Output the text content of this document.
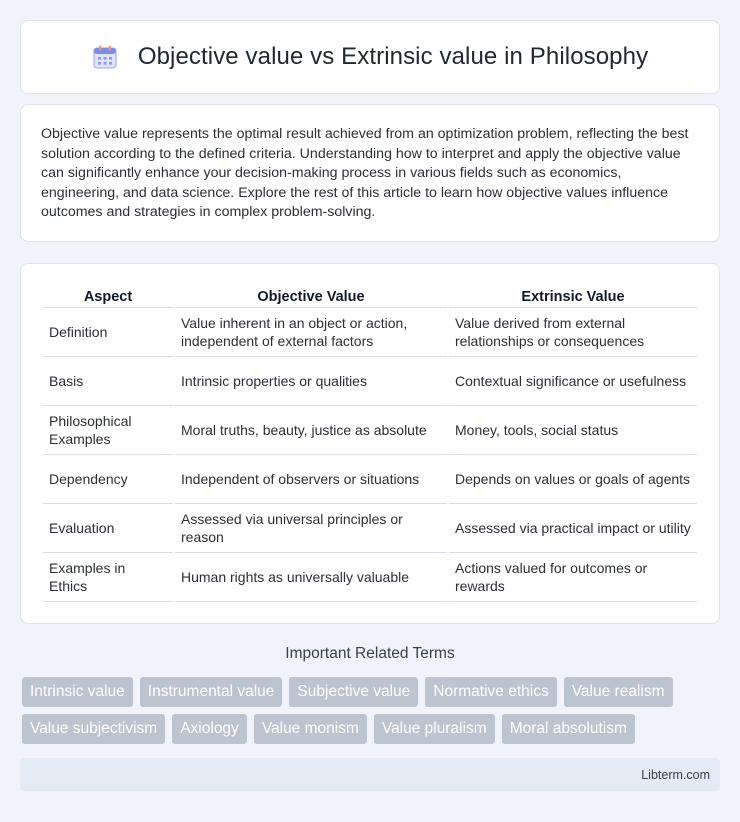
Objective value vs Extrinsic value in Philosophy

Objective value represents the optimal result achieved from an optimization problem, reflecting the best solution according to the defined criteria. Understanding how to interpret and apply the objective value can significantly enhance your decision-making process in various fields such as economics, engineering, and data science. Explore the rest of this article to learn how objective values influence outcomes and strategies in complex problem-solving.

Aspect	Objective Value	Extrinsic Value
Definition	Value inherent in an object or action, independent of external factors	Value derived from external relationships or consequences
Basis	Intrinsic properties or qualities	Contextual significance or usefulness
Philosophical Examples	Moral truths, beauty, justice as absolute	Money, tools, social status
Dependency	Independent of observers or situations	Depends on values or goals of agents
Evaluation	Assessed via universal principles or reason	Assessed via practical impact or utility
Examples in Ethics	Human rights as universally valuable	Actions valued for outcomes or rewards
Important Related Terms
Intrinsic value	Instrumental value	Subjective value	Normative ethics	Value realism
Value subjectivism	Axiology	Value monism	Value pluralism	Moral absolutism
Libterm.com
